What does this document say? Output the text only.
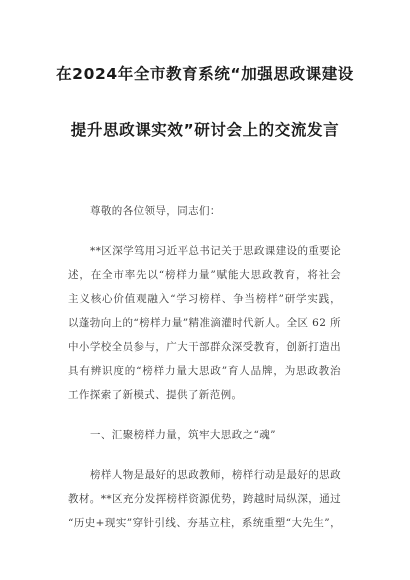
在2024年全市教育系统“加强思政课建设
提升思政课实效”研讨会上的交流发言
尊敬的各位领导，同志们：
**区深学笃用习近平总书记关于思政课建设的重要论
述，在全市率先以“榜样力量”赋能大思政教育，将社会
主义核心价值观融入“学习榜样、争当榜样”研学实践，
以蓬勃向上的“榜样力量”精准滴灌时代新人。全区 62 所
中小学校全员参与，广大干部群众深受教育，创新打造出
具有辨识度的“榜样力量大思政”育人品牌，为思政教治
工作探索了新模式、提供了新范例。
一、汇聚榜样力量，筑牢大思政之“魂”
榜样人物是最好的思政教师，榜样行动是最好的思政
教材。**区充分发挥榜样资源优势，跨越时局纵深，通过
“历史+现实”穿针引线、夯基立柱，系统重塑“大先生”，
